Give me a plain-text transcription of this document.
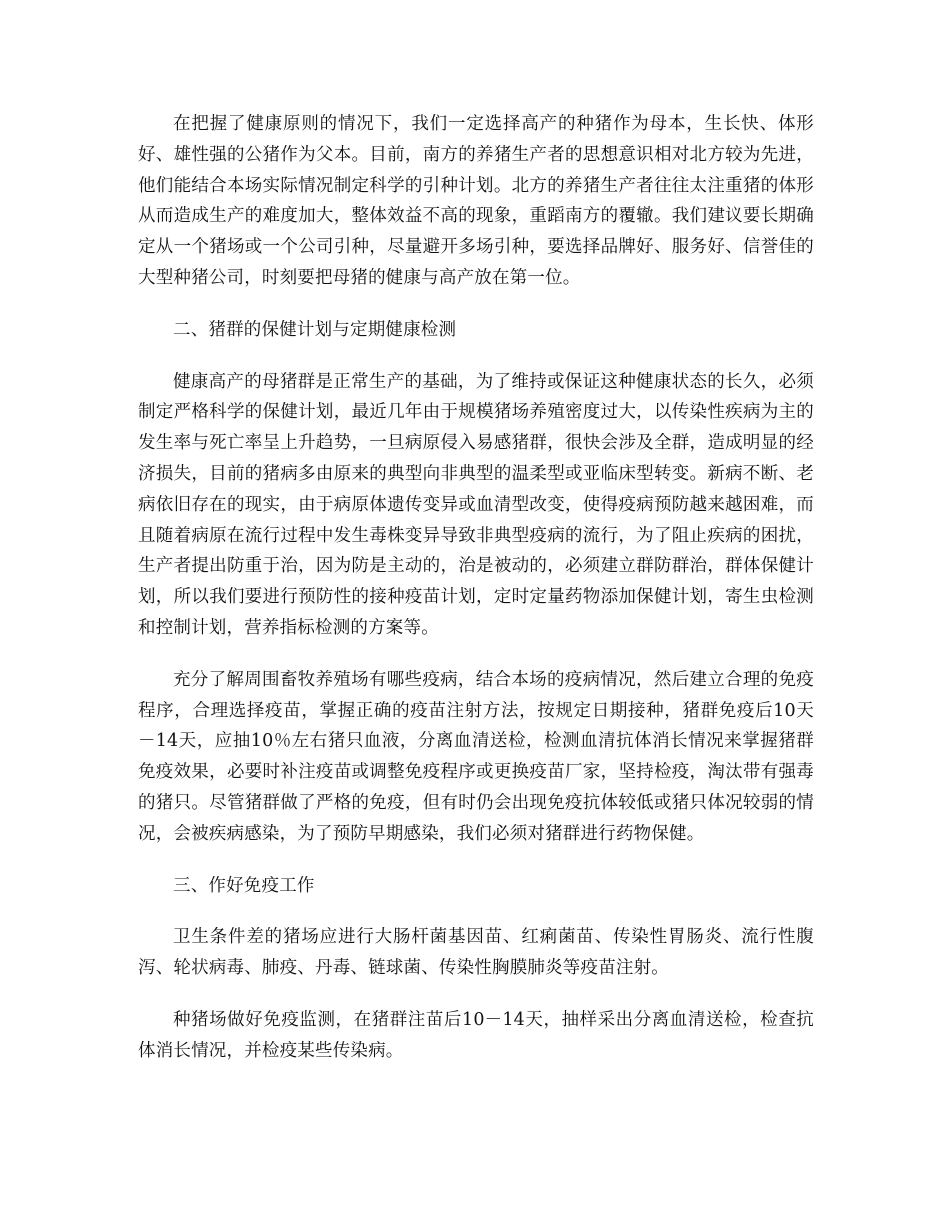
在把握了健康原则的情况下，我们一定选择高产的种猪作为母本，生长快、体形好、雄性强的公猪作为父本。目前，南方的养猪生产者的思想意识相对北方较为先进，他们能结合本场实际情况制定科学的引种计划。北方的养猪生产者往往太注重猪的体形从而造成生产的难度加大，整体效益不高的现象，重蹈南方的覆辙。我们建议要长期确定从一个猪场或一个公司引种，尽量避开多场引种，要选择品牌好、服务好、信誉佳的大型种猪公司，时刻要把母猪的健康与高产放在第一位。

二、猪群的保健计划与定期健康检测

健康高产的母猪群是正常生产的基础，为了维持或保证这种健康状态的长久，必须制定严格科学的保健计划，最近几年由于规模猪场养殖密度过大，以传染性疾病为主的发生率与死亡率呈上升趋势，一旦病原侵入易感猪群，很快会涉及全群，造成明显的经济损失，目前的猪病多由原来的典型向非典型的温柔型或亚临床型转变。新病不断、老病依旧存在的现实，由于病原体遗传变异或血清型改变，使得疫病预防越来越困难，而且随着病原在流行过程中发生毒株变异导致非典型疫病的流行，为了阻止疾病的困扰，生产者提出防重于治，因为防是主动的，治是被动的，必须建立群防群治，群体保健计划，所以我们要进行预防性的接种疫苗计划，定时定量药物添加保健计划，寄生虫检测和控制计划，营养指标检测的方案等。

充分了解周围畜牧养殖场有哪些疫病，结合本场的疫病情况，然后建立合理的免疫程序，合理选择疫苗，掌握正确的疫苗注射方法，按规定日期接种，猪群免疫后10天－14天，应抽10％左右猪只血液，分离血清送检，检测血清抗体消长情况来掌握猪群免疫效果，必要时补注疫苗或调整免疫程序或更换疫苗厂家，坚持检疫，淘汰带有强毒的猪只。尽管猪群做了严格的免疫，但有时仍会出现免疫抗体较低或猪只体况较弱的情况，会被疾病感染，为了预防早期感染，我们必须对猪群进行药物保健。

三、作好免疫工作

卫生条件差的猪场应进行大肠杆菌基因苗、红痢菌苗、传染性胃肠炎、流行性腹泻、轮状病毒、肺疫、丹毒、链球菌、传染性胸膜肺炎等疫苗注射。

种猪场做好免疫监测，在猪群注苗后10－14天，抽样采出分离血清送检，检查抗体消长情况，并检疫某些传染病。
